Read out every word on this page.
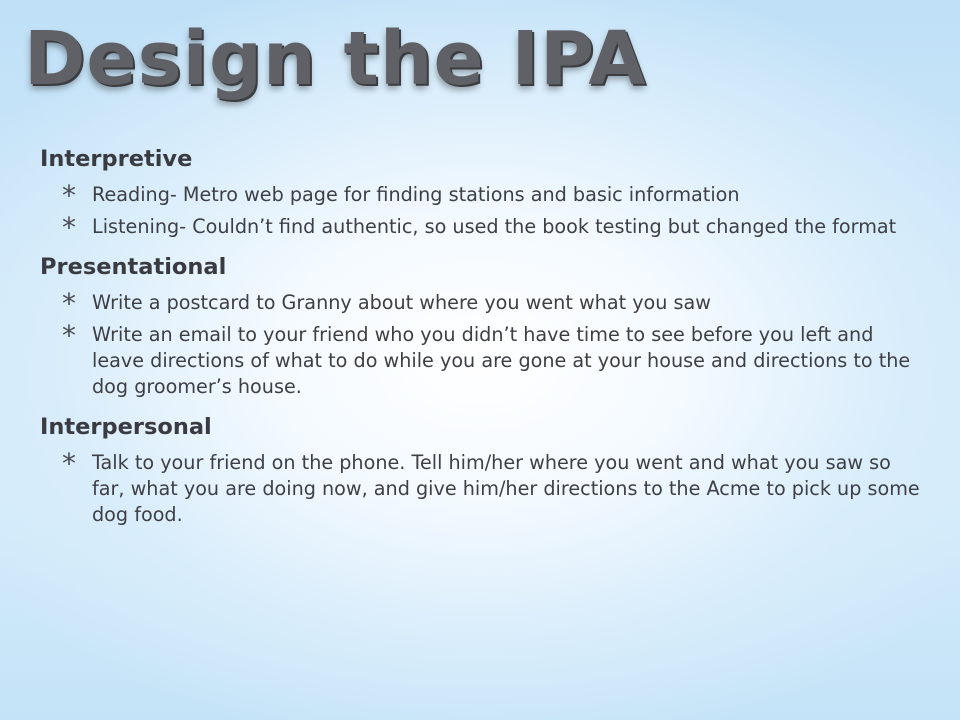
Design the IPA

Interpretive

* Reading- Metro web page for finding stations and basic information
* Listening- Couldn’t find authentic, so used the book testing but changed the format

Presentational

* Write a postcard to Granny about where you went what you saw
* Write an email to your friend who you didn’t have time to see before you left and leave directions of what to do while you are gone at your house and directions to the dog groomer’s house.

Interpersonal

* Talk to your friend on the phone. Tell him/her where you went and what you saw so far, what you are doing now, and give him/her directions to the Acme to pick up some dog food.
